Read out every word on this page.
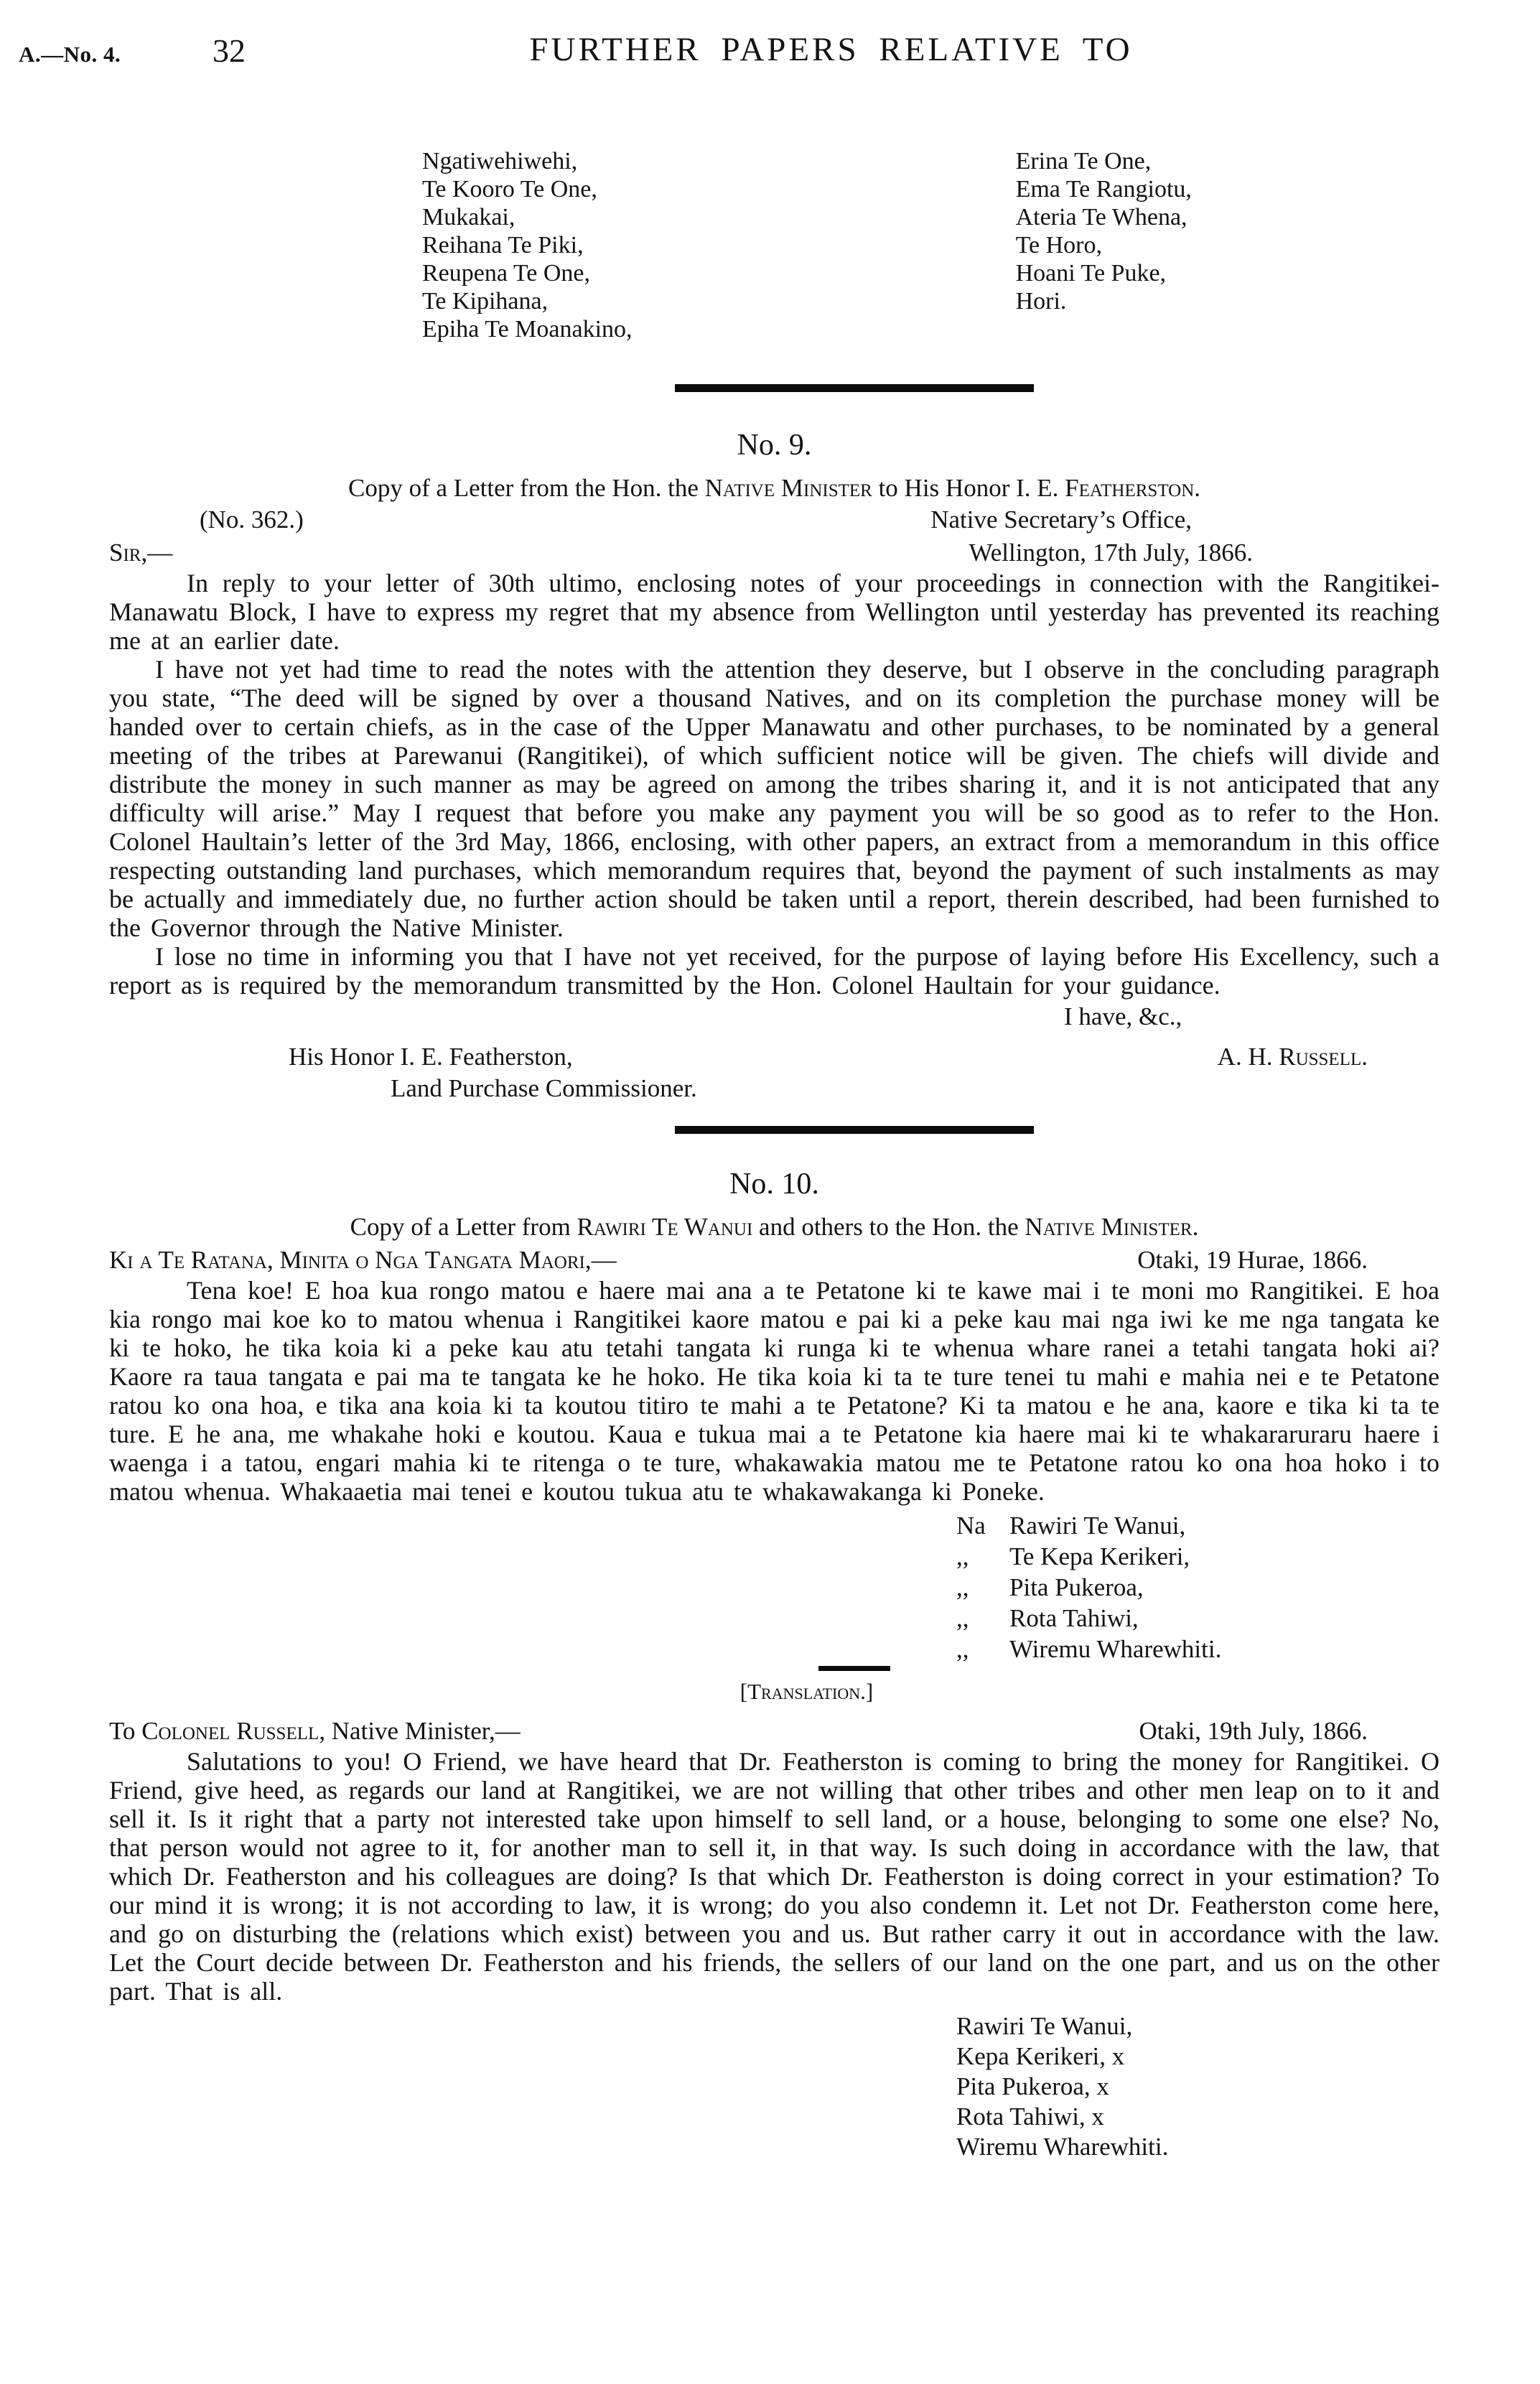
A.—No. 4.	32	FURTHER PAPERS RELATIVE TO
Ngatiwehiwehi,
Te Kooro Te One,
Mukakai,
Reihana Te Piki,
Reupena Te One,
Te Kipihana,
Epiha Te Moanakino,
Erina Te One,
Ema Te Rangiotu,
Ateria Te Whena,
Te Horo,
Hoani Te Puke,
Hori.
No. 9.
Copy of a Letter from the Hon. the Native Minister to His Honor I. E. Featherston.
(No. 362.)	Native Secretary’s Office,
Sir,—	Wellington, 17th July, 1866.
In reply to your letter of 30th ultimo, enclosing notes of your proceedings in connection with the Rangitikei-Manawatu Block, I have to express my regret that my absence from Wellington until yesterday has prevented its reaching me at an earlier date.
I have not yet had time to read the notes with the attention they deserve, but I observe in the concluding paragraph you state, “The deed will be signed by over a thousand Natives, and on its completion the purchase money will be handed over to certain chiefs, as in the case of the Upper Manawatu and other purchases, to be nominated by a general meeting of the tribes at Parewanui (Rangitikei), of which sufficient notice will be given. The chiefs will divide and distribute the money in such manner as may be agreed on among the tribes sharing it, and it is not anticipated that any difficulty will arise.” May I request that before you make any payment you will be so good as to refer to the Hon. Colonel Haultain’s letter of the 3rd May, 1866, enclosing, with other papers, an extract from a memorandum in this office respecting outstanding land purchases, which memorandum requires that, beyond the payment of such instalments as may be actually and immediately due, no further action should be taken until a report, therein described, had been furnished to the Governor through the Native Minister.
I lose no time in informing you that I have not yet received, for the purpose of laying before His Excellency, such a report as is required by the memorandum transmitted by the Hon. Colonel Haultain for your guidance.
I have, &c.,
His Honor I. E. Featherston,	A. H. Russell.
Land Purchase Commissioner.
No. 10.
Copy of a Letter from Rawiri Te Wanui and others to the Hon. the Native Minister.
Ki a Te Ratana, Minita o Nga Tangata Maori,—	Otaki, 19 Hurae, 1866.
Tena koe! E hoa kua rongo matou e haere mai ana a te Petatone ki te kawe mai i te moni mo Rangitikei. E hoa kia rongo mai koe ko to matou whenua i Rangitikei kaore matou e pai ki a peke kau mai nga iwi ke me nga tangata ke ki te hoko, he tika koia ki a peke kau atu tetahi tangata ki runga ki te whenua whare ranei a tetahi tangata hoki ai? Kaore ra taua tangata e pai ma te tangata ke he hoko. He tika koia ki ta te ture tenei tu mahi e mahia nei e te Petatone ratou ko ona hoa, e tika ana koia ki ta koutou titiro te mahi a te Petatone? Ki ta matou e he ana, kaore e tika ki ta te ture. E he ana, me whakahe hoki e koutou. Kaua e tukua mai a te Petatone kia haere mai ki te whakararuraru haere i waenga i a tatou, engari mahia ki te ritenga o te ture, whakawakia matou me te Petatone ratou ko ona hoa hoko i to matou whenua. Whakaaetia mai tenei e koutou tukua atu te whakawakanga ki Poneke.
Na Rawiri Te Wanui,
,, Te Kepa Kerikeri,
,, Pita Pukeroa,
,, Rota Tahiwi,
,, Wiremu Wharewhiti.
[Translation.]
To Colonel Russell, Native Minister,—	Otaki, 19th July, 1866.
Salutations to you! O Friend, we have heard that Dr. Featherston is coming to bring the money for Rangitikei. O Friend, give heed, as regards our land at Rangitikei, we are not willing that other tribes and other men leap on to it and sell it. Is it right that a party not interested take upon himself to sell land, or a house, belonging to some one else? No, that person would not agree to it, for another man to sell it, in that way. Is such doing in accordance with the law, that which Dr. Featherston and his colleagues are doing? Is that which Dr. Featherston is doing correct in your estimation? To our mind it is wrong; it is not according to law, it is wrong; do you also condemn it. Let not Dr. Featherston come here, and go on disturbing the (relations which exist) between you and us. But rather carry it out in accordance with the law. Let the Court decide between Dr. Featherston and his friends, the sellers of our land on the one part, and us on the other part. That is all.
Rawiri Te Wanui,
Kepa Kerikeri, x
Pita Pukeroa, x
Rota Tahiwi, x
Wiremu Wharewhiti.
